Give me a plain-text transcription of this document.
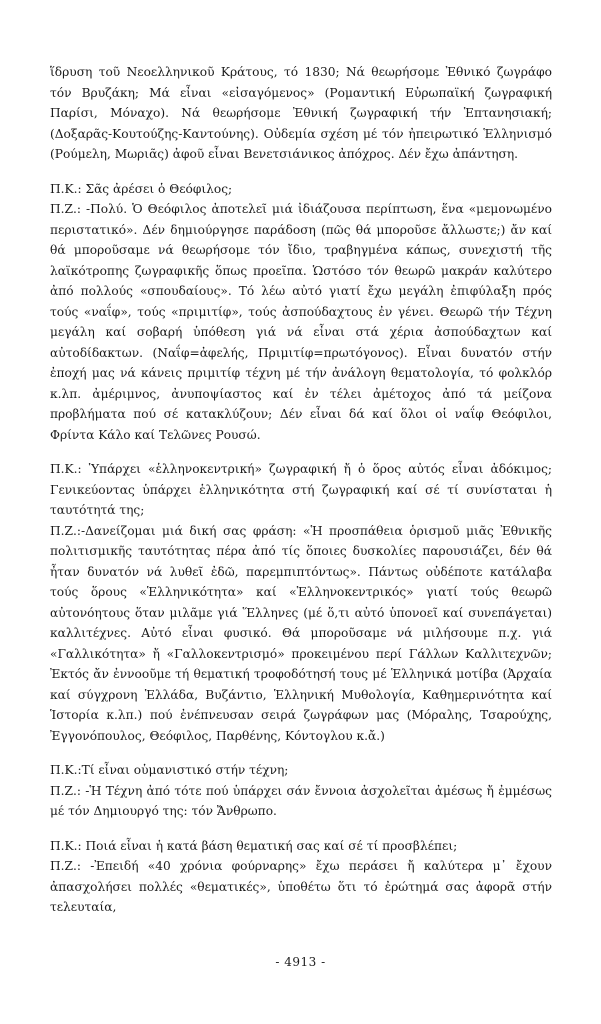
ἵδρυση τοῦ Νεοελληνικοῦ Κράτους, τό 1830; Νά θεωρήσομε Ἐθνικό ζωγράφο τόν Βρυζάκη; Μά εἶναι «εἰσαγόμενος» (Ρομαντική Εὐρωπαϊκή ζωγραφική Παρίσι, Μόναχο). Νά θεωρήσομε Ἐθνική ζωγραφική τήν Ἑπτανησιακή; (Δοξαρᾶς-Κουτούζης-Καντούνης). Οὐδεμία σχέση μέ τόν ἠπειρωτικό Ἑλληνισμό (Ρούμελη, Μωριᾶς) ἀφοῦ εἶναι Βενετσιάνικος ἀπόχρος. Δέν ἔχω ἀπάντηση.

Π.Κ.: Σᾶς ἀρέσει ὁ Θεόφιλος;

Π.Ζ.: -Πολύ. Ὁ Θεόφιλος ἀποτελεῖ μιά ἰδιάζουσα περίπτωση, ἕνα «μεμονωμένο περιστατικό». Δέν δημιούργησε παράδοση (πῶς θά μποροῦσε ἄλλωστε;) ἄν καί θά μποροῦσαμε νά θεωρήσομε τόν ἴδιο, τραβηγμένα κάπως, συνεχιστή τῆς λαϊκότροπης ζωγραφικῆς ὅπως προεῖπα. Ὡστόσο τόν θεωρῶ μακράν καλύτερο ἀπό πολλούς «σπουδαίους». Τό λέω αὐτό γιατί ἔχω μεγάλη ἐπιφύλαξη πρός τούς «ναΐφ», τούς «πριμιτίφ», τούς ἀσπούδαχτους ἐν γένει. Θεωρῶ τήν Τέχνη μεγάλη καί σοβαρή ὑπόθεση γιά νά εἶναι στά χέρια ἀσπούδαχτων καί αὐτοδίδακτων. (Ναΐφ=ἀφελής, Πριμιτίφ=πρωτόγονος). Εἶναι δυνατόν στήν ἐποχή μας νά κάνεις πριμιτίφ τέχνη μέ τήν ἀνάλογη θεματολογία, τό φολκλόρ κ.λπ. ἀμέριμνος, ἀνυποψίαστος καί ἐν τέλει ἀμέτοχος ἀπό τά μείζονα προβλήματα πού σέ κατακλύζουν; Δέν εἶναι δά καί ὅλοι οἱ ναΐφ Θεόφιλοι, Φρίντα Κάλο καί Τελῶνες Ρουσώ.

Π.Κ.: Ὑπάρχει «ἑλληνοκεντρική» ζωγραφική ἤ ὁ ὅρος αὐτός εἶναι ἀδόκιμος; Γενικεύοντας ὑπάρχει ἑλληνικότητα στή ζωγραφική καί σέ τί συνίσταται ἡ ταυτότητά της;

Π.Ζ.:-Δανείζομαι μιά δική σας φράση: «Ἡ προσπάθεια ὁρισμοῦ μιᾶς Ἐθνικῆς πολιτισμικῆς ταυτότητας πέρα ἀπό τίς ὅποιες δυσκολίες παρουσιάζει, δέν θά ἦταν δυνατόν νά λυθεῖ ἐδῶ, παρεμπιπτόντως». Πάντως οὐδέποτε κατάλαβα τούς ὅρους «Ἑλληνικότητα» καί «Ἑλληνοκεντρικός» γιατί τούς θεωρῶ αὐτονόητους ὅταν μιλᾶμε γιά Ἕλληνες (μέ ὅ,τι αὐτό ὑπονοεῖ καί συνεπάγεται) καλλιτέχνες. Αὐτό εἶναι φυσικό. Θά μποροῦσαμε νά μιλήσουμε π.χ. γιά «Γαλλικότητα» ἤ «Γαλλοκεντρισμό» προκειμένου περί Γάλλων Καλλιτεχνῶν; Ἐκτός ἄν ἐννοοῦμε τή θεματική τροφοδότησή τους μέ Ἑλληνικά μοτίβα (Ἀρχαία καί σύγχρονη Ἑλλάδα, Βυζάντιο, Ἑλληνική Μυθολογία, Καθημερινότητα καί Ἱστορία κ.λπ.) πού ἐνέπνευσαν σειρά ζωγράφων μας (Μόραλης, Τσαρούχης, Ἐγγονόπουλος, Θεόφιλος, Παρθένης, Κόντογλου κ.ἄ.)

Π.Κ.:Τί εἶναι οὑμανιστικό στήν τέχνη;

Π.Ζ.: -Ἡ Τέχνη ἀπό τότε πού ὑπάρχει σάν ἔννοια ἀσχολεῖται ἀμέσως ἤ ἐμμέσως μέ τόν Δημιουργό της: τόν Ἄνθρωπο.

Π.Κ.: Ποιά εἶναι ἡ κατά βάση θεματική σας καί σέ τί προσβλέπει;

Π.Ζ.: -Ἐπειδή «40 χρόνια φούρναρης» ἔχω περάσει ἤ καλύτερα μ᾽ ἔχουν ἀπασχολήσει πολλές «θεματικές», ὑποθέτω ὅτι τό ἐρώτημά σας ἀφορᾶ στήν τελευταία,

- 4913 -
